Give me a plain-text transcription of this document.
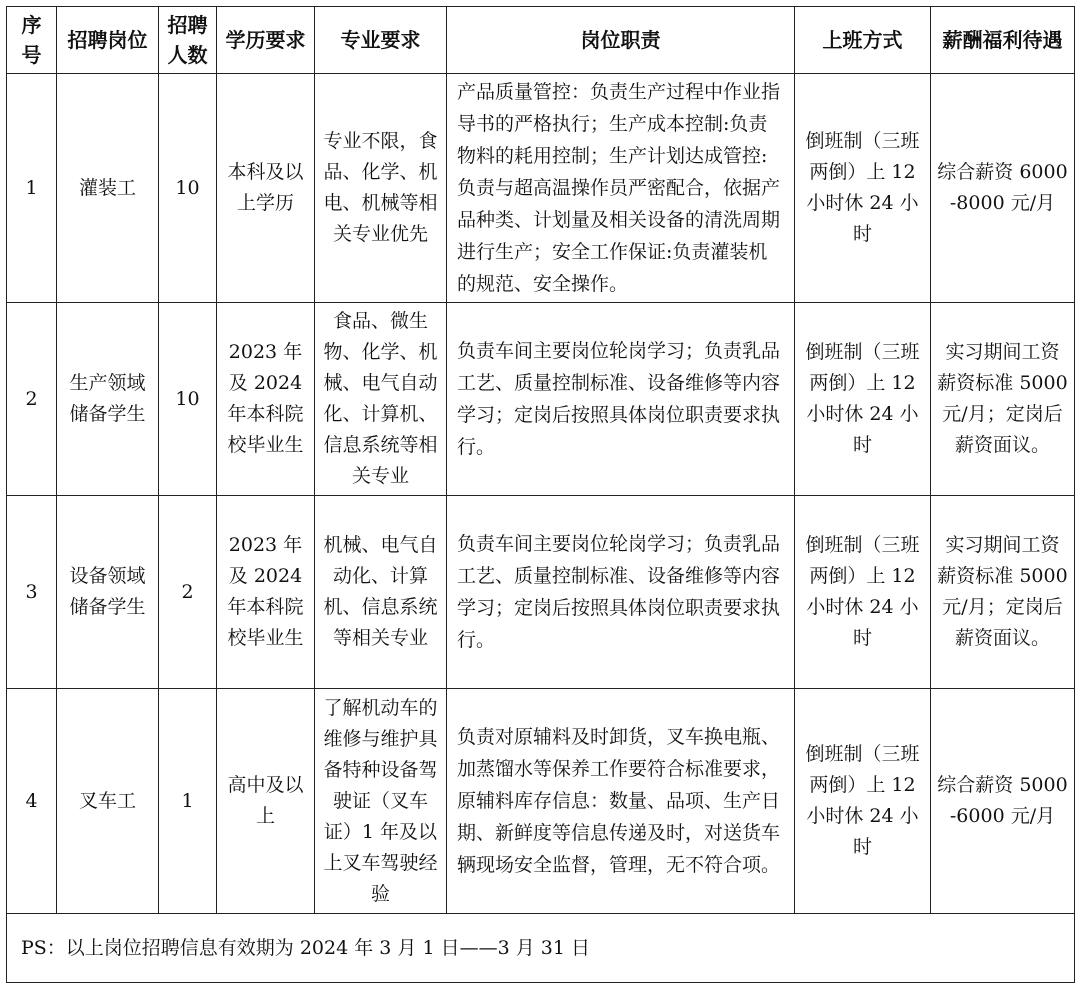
序号	招聘岗位	招聘人数	学历要求	专业要求	岗位职责	上班方式	薪酬福利待遇
1	灌装工	10	本科及以上学历	专业不限，食品、化学、机电、机械等相关专业优先	产品质量管控：负责生产过程中作业指导书的严格执行；生产成本控制:负责物料的耗用控制；生产计划达成管控:负责与超高温操作员严密配合，依据产品种类、计划量及相关设备的清洗周期进行生产；安全工作保证:负责灌装机的规范、安全操作。	倒班制（三班两倒）上 12 小时休 24 小时	综合薪资 6000-8000 元/月
2	生产领域储备学生	10	2023 年及 2024 年本科院校毕业生	食品、微生物、化学、机械、电气自动化、计算机、信息系统等相关专业	负责车间主要岗位轮岗学习；负责乳品工艺、质量控制标准、设备维修等内容学习；定岗后按照具体岗位职责要求执行。	倒班制（三班两倒）上 12 小时休 24 小时	实习期间工资薪资标准 5000 元/月；定岗后薪资面议。
3	设备领域储备学生	2	2023 年及 2024 年本科院校毕业生	机械、电气自动化、计算机、信息系统等相关专业	负责车间主要岗位轮岗学习；负责乳品工艺、质量控制标准、设备维修等内容学习；定岗后按照具体岗位职责要求执行。	倒班制（三班两倒）上 12 小时休 24 小时	实习期间工资薪资标准 5000 元/月；定岗后薪资面议。
4	叉车工	1	高中及以上	了解机动车的维修与维护具备特种设备驾驶证（叉车证）1 年及以上叉车驾驶经验	负责对原辅料及时卸货，叉车换电瓶、加蒸馏水等保养工作要符合标准要求，原辅料库存信息：数量、品项、生产日期、新鲜度等信息传递及时，对送货车辆现场安全监督，管理，无不符合项。	倒班制（三班两倒）上 12 小时休 24 小时	综合薪资 5000-6000 元/月
PS：以上岗位招聘信息有效期为 2024 年 3 月 1 日——3 月 31 日							
